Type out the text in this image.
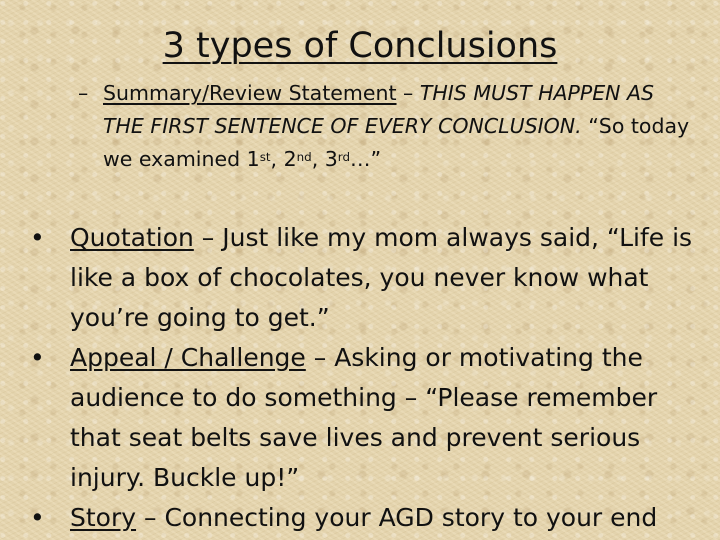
3 types of Conclusions
– Summary/Review Statement – THIS MUST HAPPEN AS THE FIRST SENTENCE OF EVERY CONCLUSION. “So today we examined 1st, 2nd, 3rd…”
•	Quotation – Just like my mom always said, “Life is like a box of chocolates, you never know what you’re going to get.”
•	Appeal / Challenge – Asking or motivating the audience to do something – “Please remember that seat belts save lives and prevent serious injury. Buckle up!”
•	Story – Connecting your AGD story to your end
